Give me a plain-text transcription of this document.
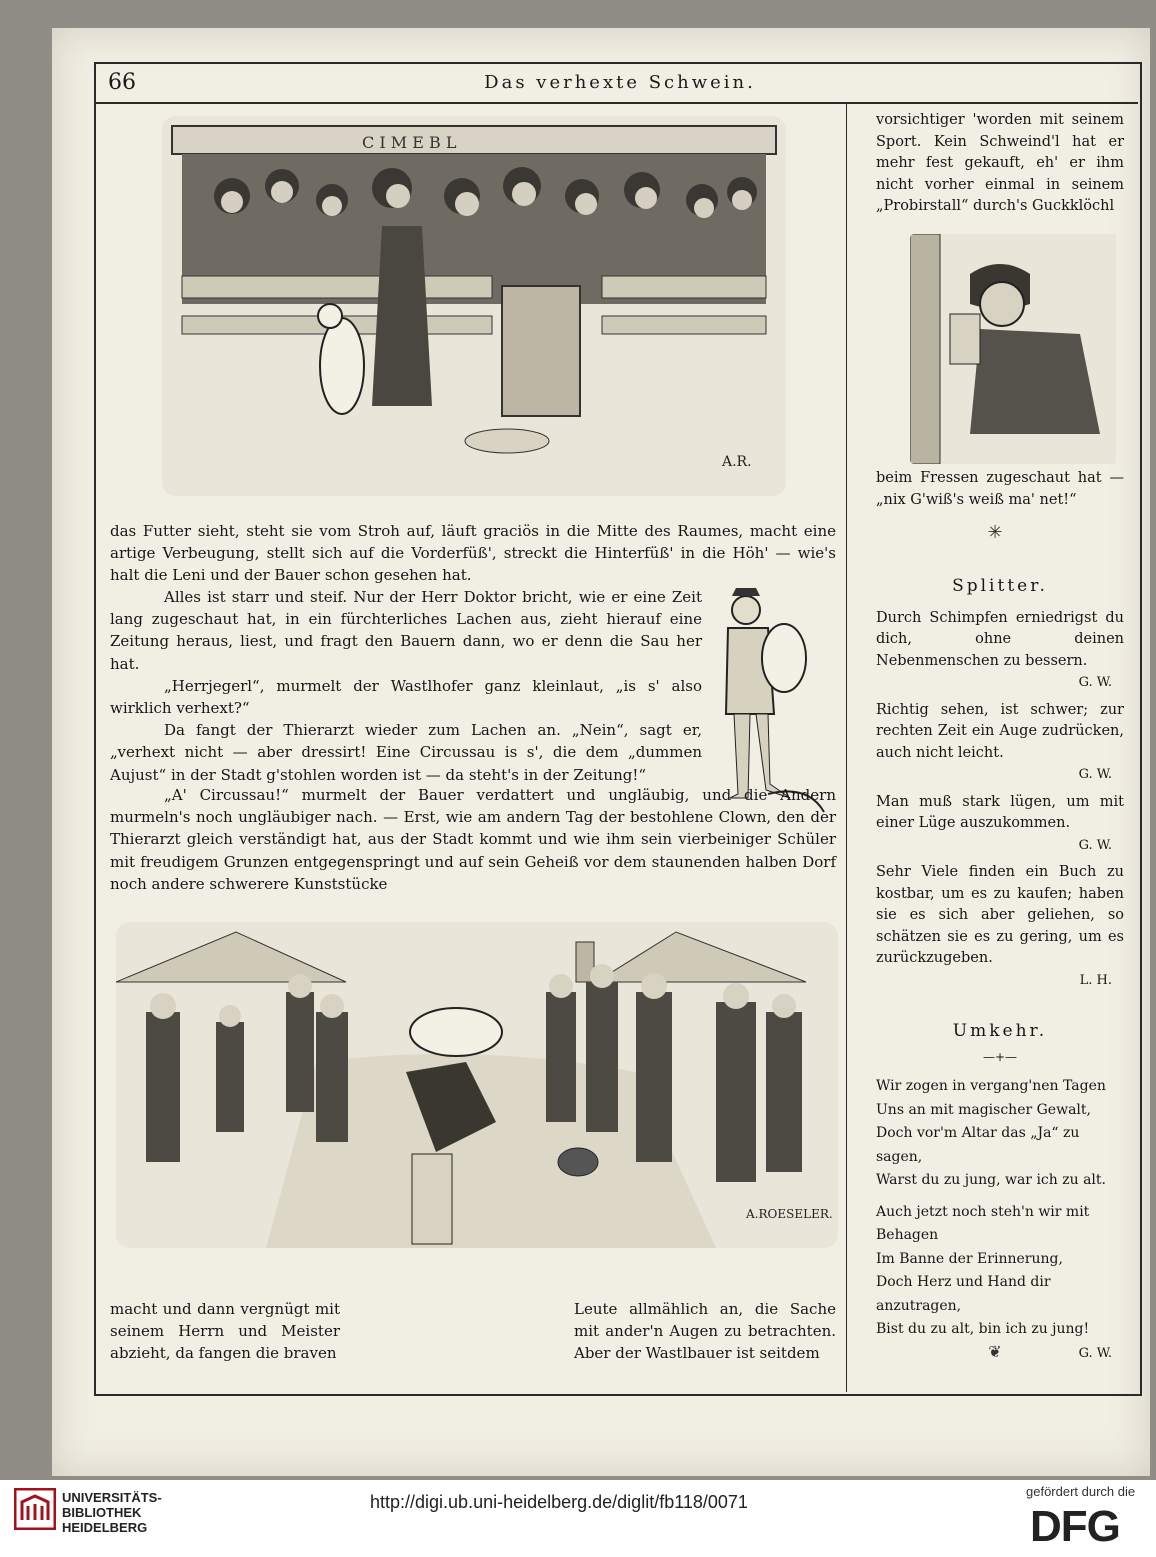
66	Das verhexte Schwein.
C I M E B L
A.R.

das Futter sieht, steht sie vom Stroh auf, läuft graciös in die Mitte des Raumes, macht eine artige Verbeugung, stellt sich auf die Vorderfüß', streckt die Hinterfüß' in die Höh' — wie's halt die Leni und der Bauer schon gesehen hat.

Alles ist starr und steif. Nur der Herr Doktor bricht, wie er eine Zeit lang zugeschaut hat, in ein fürchterliches Lachen aus, zieht hierauf eine Zeitung heraus, liest, und fragt den Bauern dann, wo er denn die Sau her hat.

„Herrjegerl“, murmelt der Wastlhofer ganz kleinlaut, „is s' also wirklich verhext?“

Da fangt der Thierarzt wieder zum Lachen an. „Nein“, sagt er, „verhext nicht — aber dressirt! Eine Circussau is s', die dem „dummen Aujust“ in der Stadt g'stohlen worden ist — da steht's in der Zeitung!“

„A' Circussau!“ murmelt der Bauer verdattert und ungläubig, und die Andern murmeln's noch ungläubiger nach. — Erst, wie am andern Tag der bestohlene Clown, den der Thierarzt gleich verständigt hat, aus der Stadt kommt und wie ihm sein vierbeiniger Schüler mit freudigem Grunzen entgegenspringt und auf sein Geheiß vor dem staunenden halben Dorf noch andere schwerere Kunststücke

A.ROESELER.

macht und dann vergnügt mit seinem Herrn und Meister abzieht, da fangen die braven

Leute allmählich an, die Sache mit ander'n Augen zu betrachten. Aber der Wastlbauer ist seitdem

vorsichtiger 'worden mit seinem Sport. Kein Schweind'l hat er mehr fest gekauft, eh' er ihm nicht vorher einmal in seinem „Probirstall“ durch's Guckklöchl

beim Fressen zugeschaut hat — „nix G'wiß's weiß ma' net!“

✳

Splitter.

Durch Schimpfen erniedrigst du dich, ohne deinen Nebenmenschen zu bessern.

G. W.

Richtig sehen, ist schwer; zur rechten Zeit ein Auge zudrücken, auch nicht leicht.

G. W.

Man muß stark lügen, um mit einer Lüge auszukommen.

G. W.

Sehr Viele finden ein Buch zu kostbar, um es zu kaufen; haben sie es sich aber geliehen, so schätzen sie es zu gering, um es zurückzugeben.

L. H.

Umkehr.

—+—

Wir zogen in vergang'nen Tagen

Uns an mit magischer Gewalt,

Doch vor'm Altar das „Ja“ zu sagen,

Warst du zu jung, war ich zu alt.

Auch jetzt noch steh'n wir mit Behagen

Im Banne der Erinnerung,

Doch Herz und Hand dir anzutragen,

Bist du zu alt, bin ich zu jung!

G. W.

❦
UNIVERSITÄTS-
BIBLIOTHEK
HEIDELBERG
http://digi.ub.uni-heidelberg.de/diglit/fb118/0071
gefördert durch die
DFG
